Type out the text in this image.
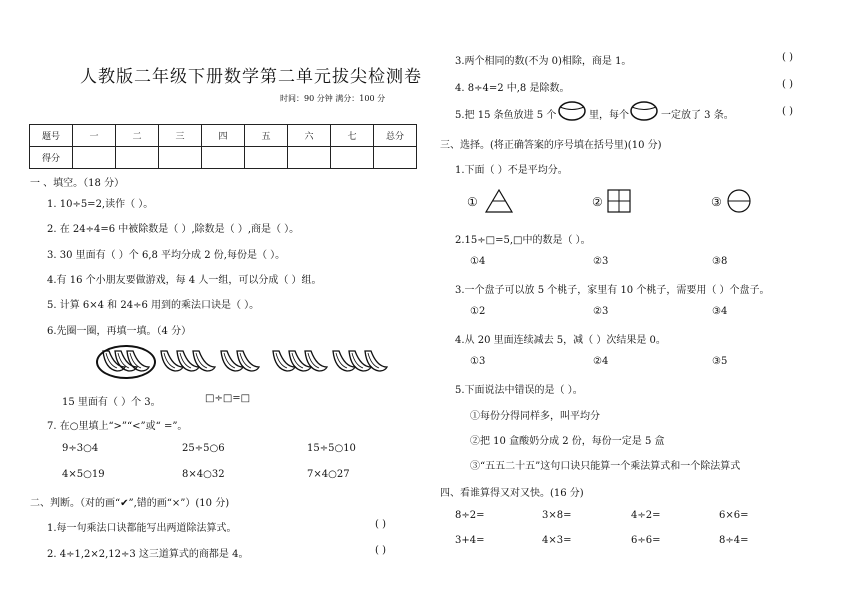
人教版二年级下册数学第二单元拔尖检测卷
时间：90 分钟 满分：100 分
题号	一	二	三	四	五	六	七	总分
得分								
一 、填空。（18 分）
1. 10÷5=2,读作（ ）。
2. 在 24÷4=6 中被除数是（ ）,除数是（ ）,商是（ ）。
3. 30 里面有（ ）个 6,8 平均分成 2 份,每份是（ ）。
4.有 16 个小朋友要做游戏，每 4 人一组，可以分成（ ）组。
5. 计算 6×4 和 24÷6 用到的乘法口诀是（ ）。
6.先圈一圈，再填一填。（4 分）
15 里面有（ ）个 3。	□÷□=□
7. 在○里填上“>”“<”或“ =”。
9÷3○4	25÷5○6	15÷5○10
4×5○19	8×4○32	7×4○27
二、判断。（对的画“✔”,错的画“×”）(10 分)
1.每一句乘法口诀都能写出两道除法算式。	( )
2. 4÷1,2×2,12÷3 这三道算式的商都是 4。	( )
3.两个相同的数(不为 0)相除，商是 1。	( )
4. 8÷4=2 中,8 是除数。	( )
5.把 15 条鱼放进 5 个	里，每个	一定放了 3 条。	( )
三、选择。(将正确答案的序号填在括号里)(10 分)
1.下面（ ）不是平均分。
①	②	③
2.15÷□=5,□中的数是（ ）。
①4	②3	③8
3.一个盘子可以放 5 个桃子，家里有 10 个桃子，需要用（ ）个盘子。
①2	②3	③4
4.从 20 里面连续减去 5，减（ ）次结果是 0。
①3	②4	③5
5.下面说法中错误的是（ ）。
①每份分得同样多，叫平均分
②把 10 盒酸奶分成 2 份，每份一定是 5 盒
③“五五二十五”这句口诀只能算一个乘法算式和一个除法算式
四、看谁算得又对又快。(16 分)
8÷2=	3×8=	4÷2=	6×6=
3+4=	4×3=	6÷6=	8÷4=
